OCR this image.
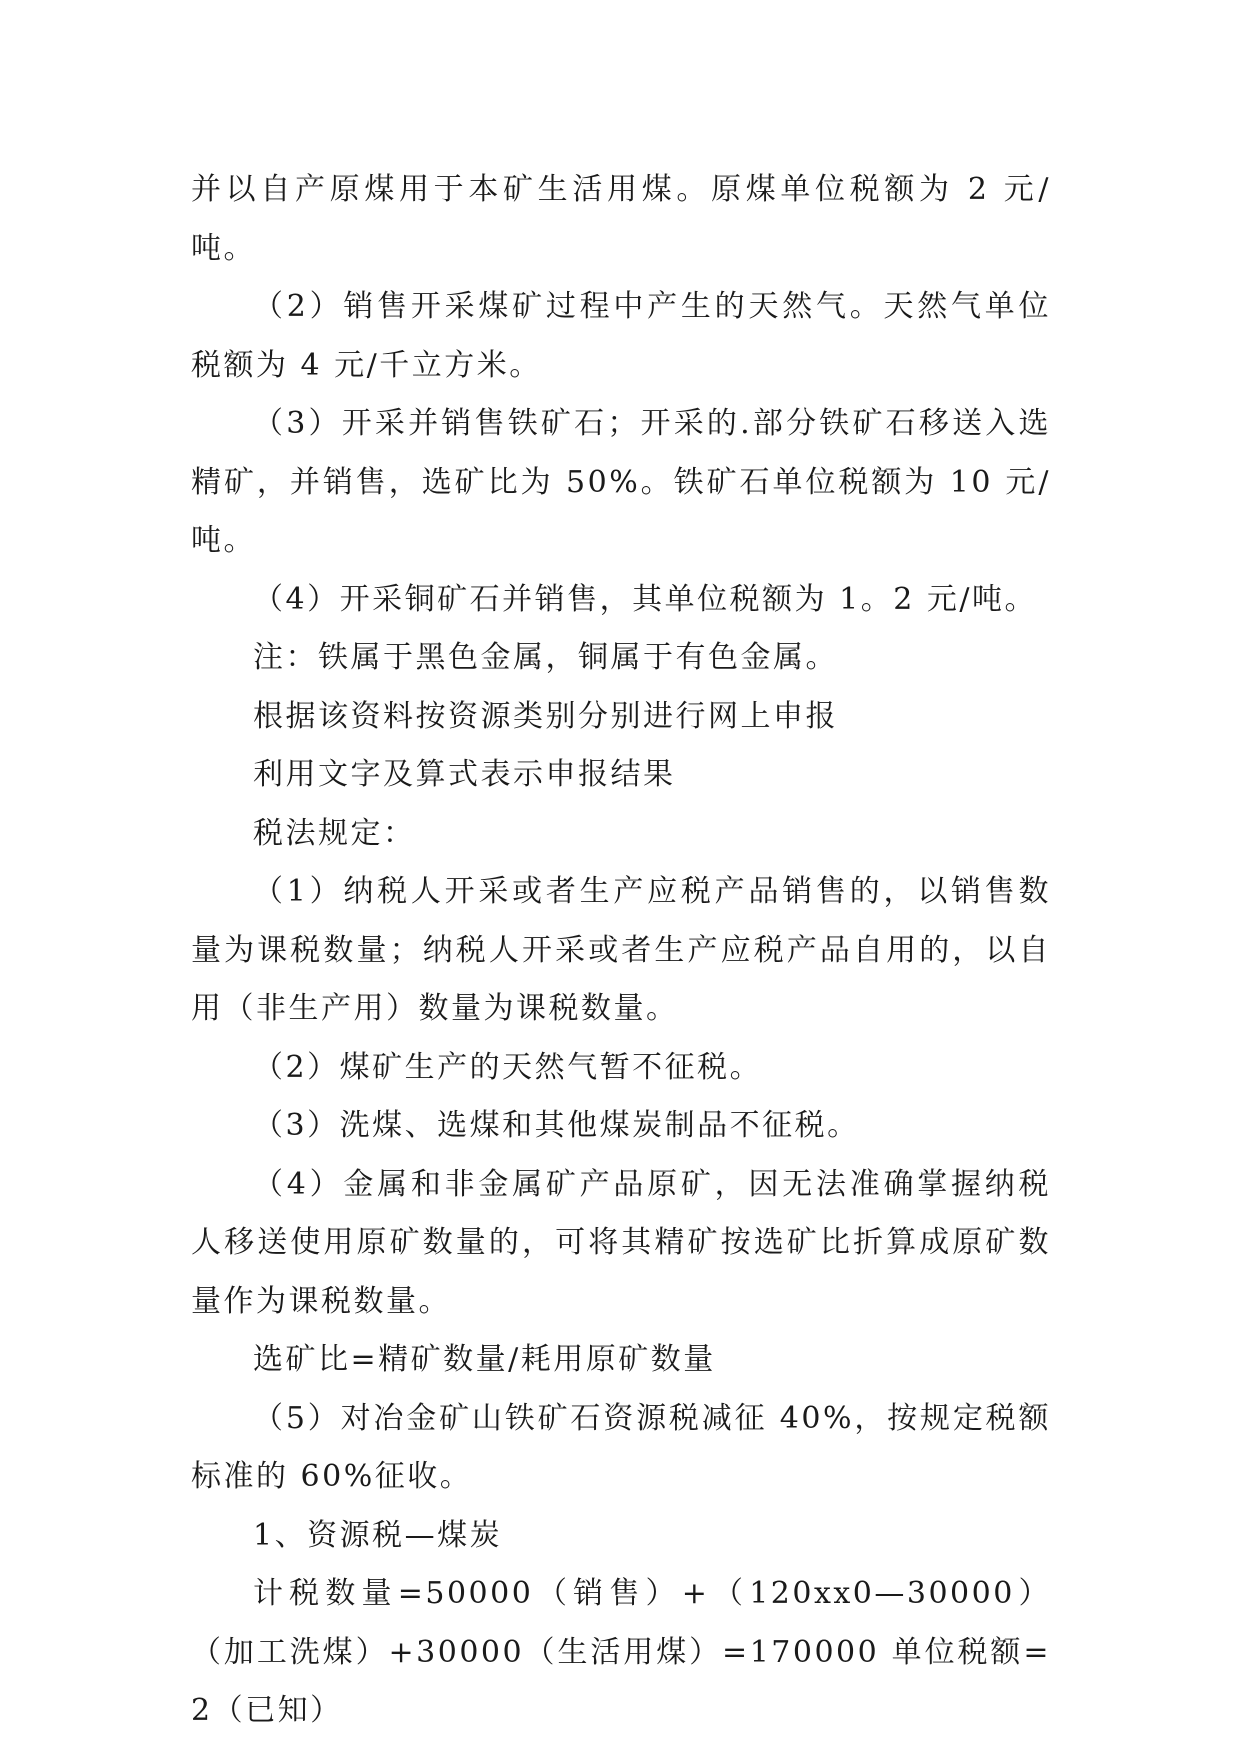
并以自产原煤用于本矿生活用煤。原煤单位税额为 2 元/吨。

（2）销售开采煤矿过程中产生的天然气。天然气单位税额为 4 元/千立方米。

（3）开采并销售铁矿石；开采的.部分铁矿石移送入选精矿，并销售，选矿比为 50%。铁矿石单位税额为 10 元/吨。

（4）开采铜矿石并销售，其单位税额为 1。2 元/吨。

注：铁属于黑色金属，铜属于有色金属。

根据该资料按资源类别分别进行网上申报

利用文字及算式表示申报结果

税法规定：

（1）纳税人开采或者生产应税产品销售的，以销售数量为课税数量；纳税人开采或者生产应税产品自用的，以自用（非生产用）数量为课税数量。

（2）煤矿生产的天然气暂不征税。

（3）洗煤、选煤和其他煤炭制品不征税。

（4）金属和非金属矿产品原矿，因无法准确掌握纳税人移送使用原矿数量的，可将其精矿按选矿比折算成原矿数量作为课税数量。

选矿比=精矿数量/耗用原矿数量

（5）对冶金矿山铁矿石资源税减征 40%，按规定税额标准的 60%征收。

1、资源税—煤炭

计税数量=50000（销售）+（120xx0—30000）（加工洗煤）+30000（生活用煤）=170000 单位税额=2（已知）
